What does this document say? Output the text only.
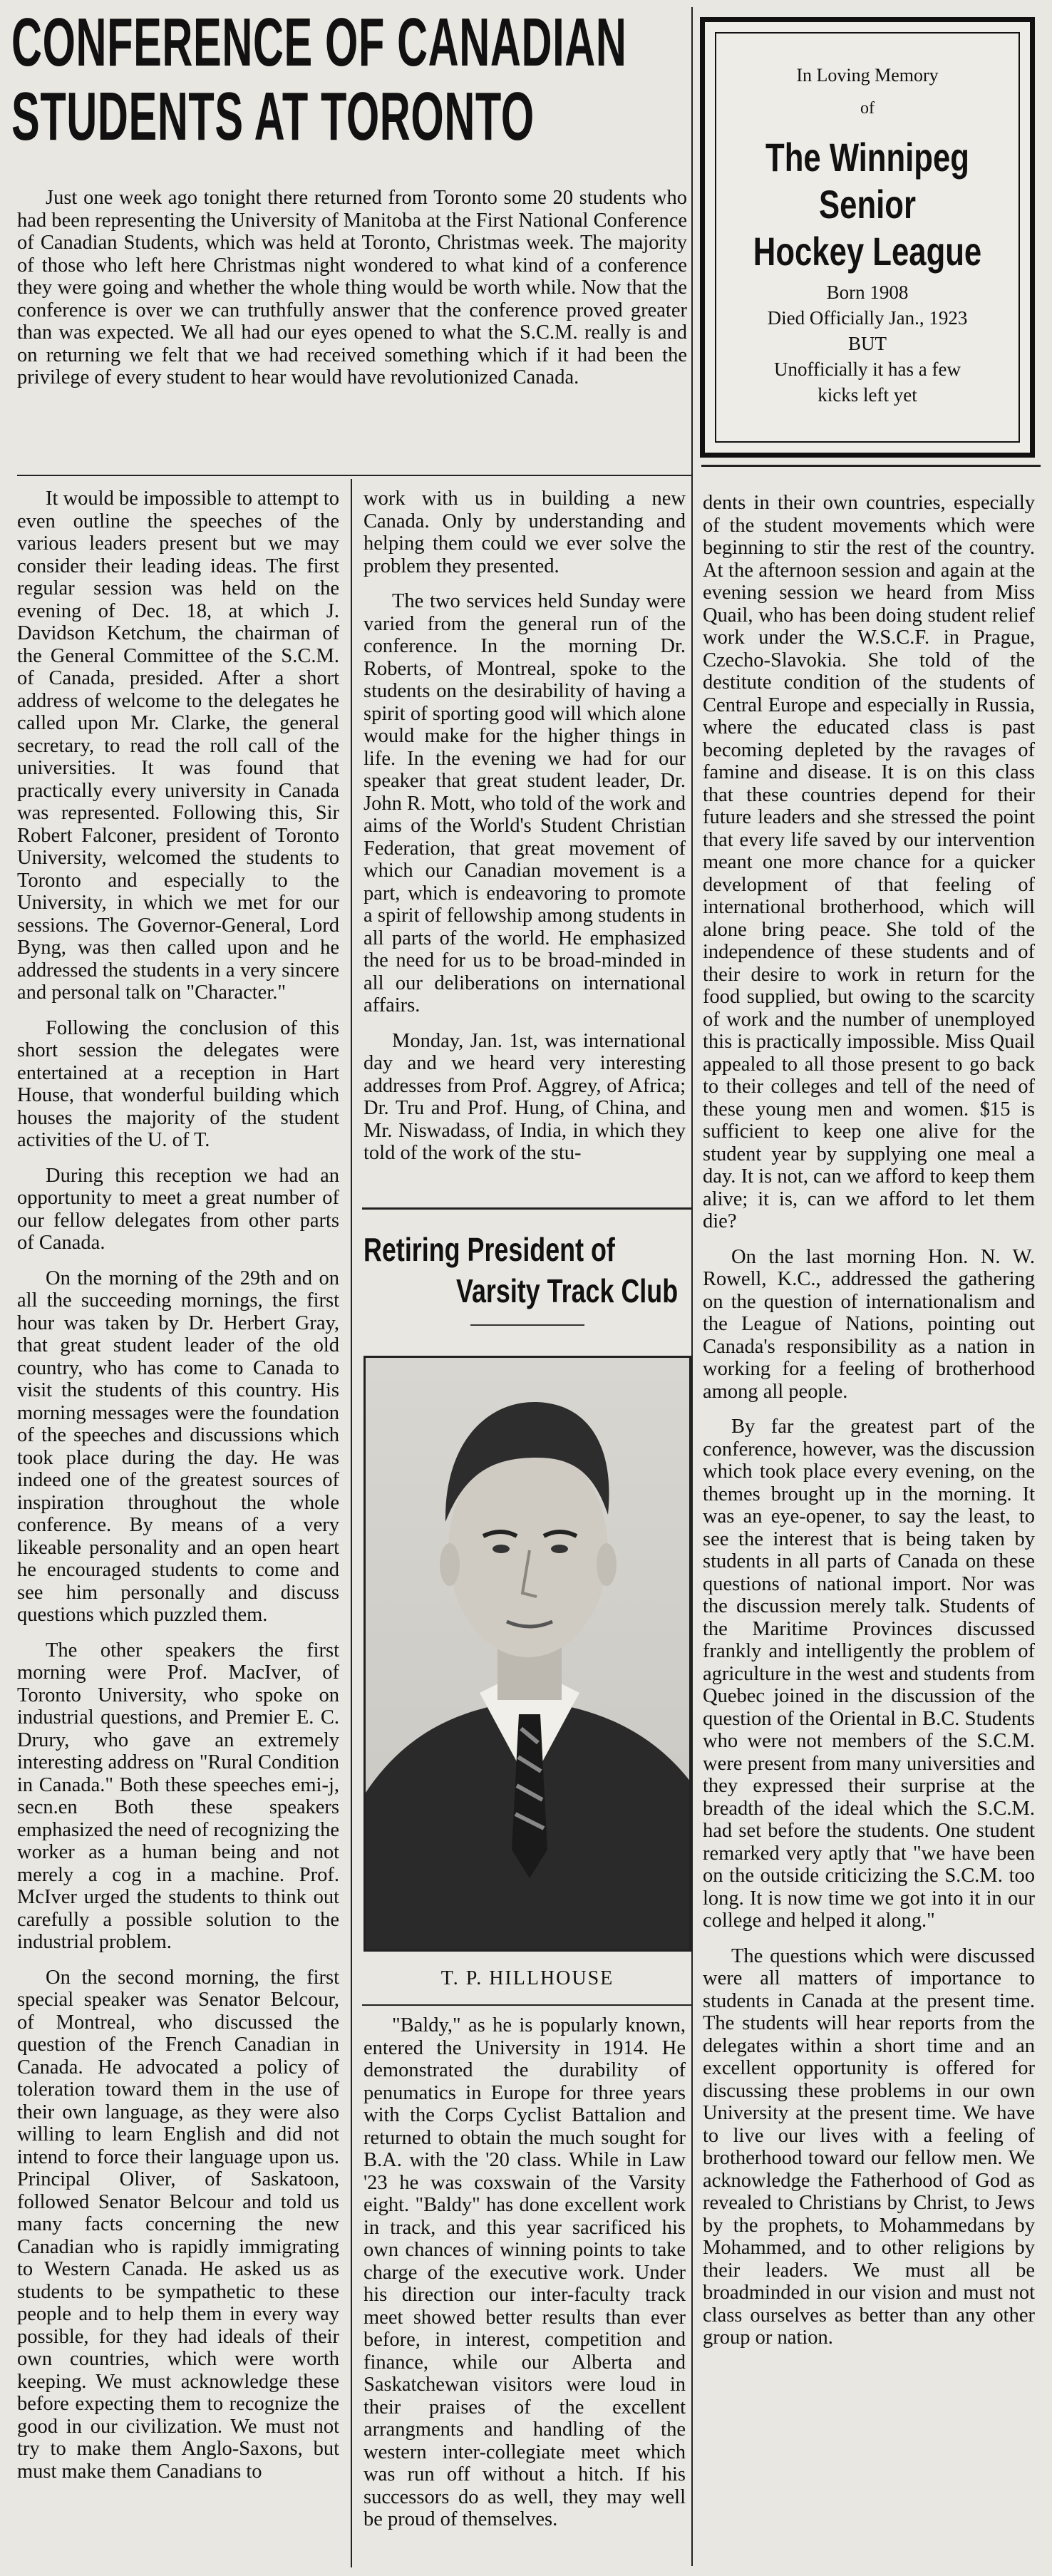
CONFERENCE OF CANADIAN
STUDENTS AT TORONTO
Just one week ago tonight there returned from Toronto some 20 students who had been representing the University of Manitoba at the First National Conference of Canadian Students, which was held at Toronto, Christmas week. The majority of those who left here Christmas night wondered to what kind of a conference they were going and whether the whole thing would be worth while. Now that the conference is over we can truthfully answer that the conference proved greater than was expected. We all had our eyes opened to what the S.C.M. really is and on returning we felt that we had received something which if it had been the privilege of every student to hear would have revolutionized Canada.
In Loving Memory
of
The Winnipeg Senior
Hockey League
Born 1908
Died Officially Jan., 1923
BUT
Unofficially it has a few
kicks left yet

It would be impossible to attempt to even outline the speeches of the various leaders present but we may consider their leading ideas. The first regular session was held on the evening of Dec. 18, at which J. Davidson Ketchum, the chairman of the General Committee of the S.C.M. of Canada, presided. After a short address of welcome to the delegates he called upon Mr. Clarke, the general secretary, to read the roll call of the universities. It was found that practically every university in Canada was represented. Following this, Sir Robert Falconer, president of Toronto University, welcomed the students to Toronto and especially to the University, in which we met for our sessions. The Governor-General, Lord Byng, was then called upon and he addressed the students in a very sincere and personal talk on "Character."

Following the conclusion of this short session the delegates were entertained at a reception in Hart House, that wonderful building which houses the majority of the student activities of the U. of T.

During this reception we had an opportunity to meet a great number of our fellow delegates from other parts of Canada.

On the morning of the 29th and on all the succeeding mornings, the first hour was taken by Dr. Herbert Gray, that great student leader of the old country, who has come to Canada to visit the students of this country. His morning messages were the foundation of the speeches and discussions which took place during the day. He was indeed one of the greatest sources of inspiration throughout the whole conference. By means of a very likeable personality and an open heart he encouraged students to come and see him personally and discuss questions which puzzled them.

The other speakers the first morning were Prof. MacIver, of Toronto University, who spoke on industrial questions, and Premier E. C. Drury, who gave an extremely interesting address on "Rural Condition in Canada." Both these speeches emi-j, secn.en Both these speakers emphasized the need of recognizing the worker as a human being and not merely a cog in a machine. Prof. McIver urged the students to think out carefully a possible solution to the industrial problem.

On the second morning, the first special speaker was Senator Belcour, of Montreal, who discussed the question of the French Canadian in Canada. He advocated a policy of toleration toward them in the use of their own language, as they were also willing to learn English and did not intend to force their language upon us. Principal Oliver, of Saskatoon, followed Senator Belcour and told us many facts concerning the new Canadian who is rapidly immigrating to Western Canada. He asked us as students to be sympathetic to these people and to help them in every way possible, for they had ideals of their own countries, which were worth keeping. We must acknowledge these before expecting them to recognize the good in our civilization. We must not try to make them Anglo-Saxons, but must make them Canadians to

work with us in building a new Canada. Only by understanding and helping them could we ever solve the problem they presented.

The two services held Sunday were varied from the general run of the conference. In the morning Dr. Roberts, of Montreal, spoke to the students on the desirability of having a spirit of sporting good will which alone would make for the higher things in life. In the evening we had for our speaker that great student leader, Dr. John R. Mott, who told of the work and aims of the World's Student Christian Federation, that great movement of which our Canadian movement is a part, which is endeavoring to promote a spirit of fellowship among students in all parts of the world. He emphasized the need for us to be broad-minded in all our deliberations on international affairs.

Monday, Jan. 1st, was international day and we heard very interesting addresses from Prof. Aggrey, of Africa; Dr. Tru and Prof. Hung, of China, and Mr. Niswadass, of India, in which they told of the work of the stu-

Retiring President of
Varsity Track Club
T. P. HILLHOUSE

"Baldy," as he is popularly known, entered the University in 1914. He demonstrated the durability of penumatics in Europe for three years with the Corps Cyclist Battalion and returned to obtain the much sought for B.A. with the '20 class. While in Law '23 he was coxswain of the Varsity eight. "Baldy" has done excellent work in track, and this year sacrificed his own chances of winning points to take charge of the executive work. Under his direction our inter-faculty track meet showed better results than ever before, in interest, competition and finance, while our Alberta and Saskatchewan visitors were loud in their praises of the excellent arrangments and handling of the western inter-collegiate meet which was run off without a hitch. If his successors do as well, they may well be proud of themselves.

dents in their own countries, especially of the student movements which were beginning to stir the rest of the country. At the afternoon session and again at the evening session we heard from Miss Quail, who has been doing student relief work under the W.S.C.F. in Prague, Czecho-Slavokia. She told of the destitute condition of the students of Central Europe and especially in Russia, where the educated class is past becoming depleted by the ravages of famine and disease. It is on this class that these countries depend for their future leaders and she stressed the point that every life saved by our intervention meant one more chance for a quicker development of that feeling of international brotherhood, which will alone bring peace. She told of the independence of these students and of their desire to work in return for the food supplied, but owing to the scarcity of work and the number of unemployed this is practically impossible. Miss Quail appealed to all those present to go back to their colleges and tell of the need of these young men and women. $15 is sufficient to keep one alive for the student year by supplying one meal a day. It is not, can we afford to keep them alive; it is, can we afford to let them die?

On the last morning Hon. N. W. Rowell, K.C., addressed the gathering on the question of internationalism and the League of Nations, pointing out Canada's responsibility as a nation in working for a feeling of brotherhood among all people.

By far the greatest part of the conference, however, was the discussion which took place every evening, on the themes brought up in the morning. It was an eye-opener, to say the least, to see the interest that is being taken by students in all parts of Canada on these questions of national import. Nor was the discussion merely talk. Students of the Maritime Provinces discussed frankly and intelligently the problem of agriculture in the west and students from Quebec joined in the discussion of the question of the Oriental in B.C. Students who were not members of the S.C.M. were present from many universities and they expressed their surprise at the breadth of the ideal which the S.C.M. had set before the students. One student remarked very aptly that "we have been on the outside criticizing the S.C.M. too long. It is now time we got into it in our college and helped it along."

The questions which were discussed were all matters of importance to students in Canada at the present time. The students will hear reports from the delegates within a short time and an excellent opportunity is offered for discussing these problems in our own University at the present time. We have to live our lives with a feeling of brotherhood toward our fellow men. We acknowledge the Fatherhood of God as revealed to Christians by Christ, to Jews by the prophets, to Mohammedans by Mohammed, and to other religions by their leaders. We must all be broadminded in our vision and must not class ourselves as better than any other group or nation.
